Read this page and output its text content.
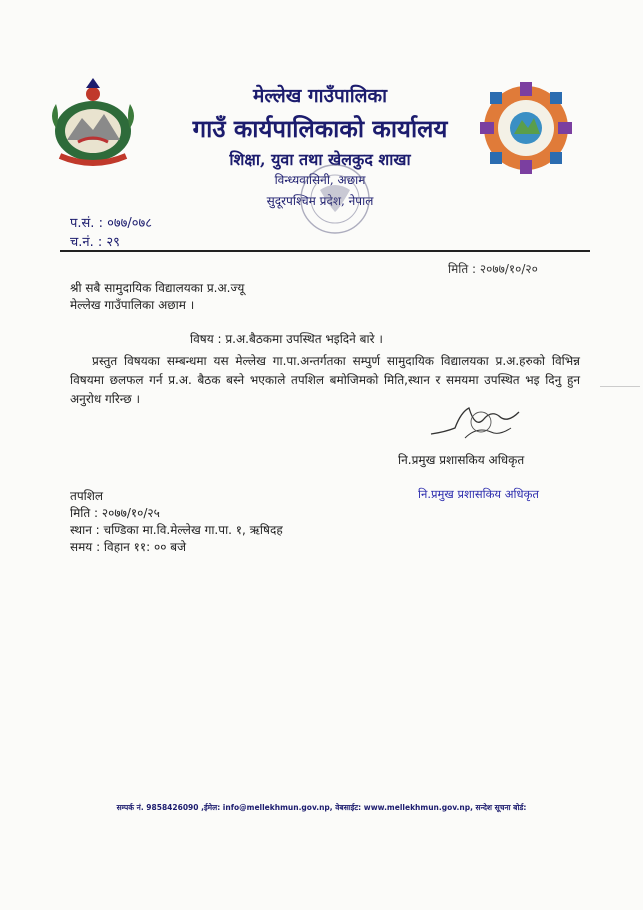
मेल्लेख गाउँपालिका
गाउँ कार्यपालिकाको कार्यालय
शिक्षा, युवा तथा खेलकुद शाखा
विन्ध्यवासिनी, अछाम
सुदूरपश्चिम प्रदेश, नेपाल
प.सं. : ०७७/०७८
च.नं. : २९
मिति : २०७७/१०/२०
श्री सबै सामुदायिक विद्यालयका प्र.अ.ज्यू
मेल्लेख गाउँपालिका अछाम ।
विषय : प्र.अ.बैठकमा उपस्थित भइदिने बारे ।

प्रस्तुत विषयका सम्बन्धमा यस मेल्लेख गा.पा.अन्तर्गतका सम्पुर्ण सामुदायिक विद्यालयका प्र.अ.हरुको विभिन्न विषयमा छलफल गर्न प्र.अ. बैठक बस्ने भएकाले तपशिल बमोजिमको मिति,स्थान र समयमा उपस्थित भइ दिनु हुन अनुरोध गरिन्छ ।

नि.प्रमुख प्रशासकिय अधिकृत
नि.प्रमुख प्रशासकिय अधिकृत
तपशिल
मिति : २०७७/१०/२५
स्थान : चण्डिका मा.वि.मेल्लेख गा.पा. १, ऋषिदह
समय : विहान ११: ०० बजे
सम्पर्क नं. 9858426090 ,ईमेल: info@mellekhmun.gov.np, वेबसाईट: www.mellekhmun.gov.np, सन्देश सूचना बोर्ड:
